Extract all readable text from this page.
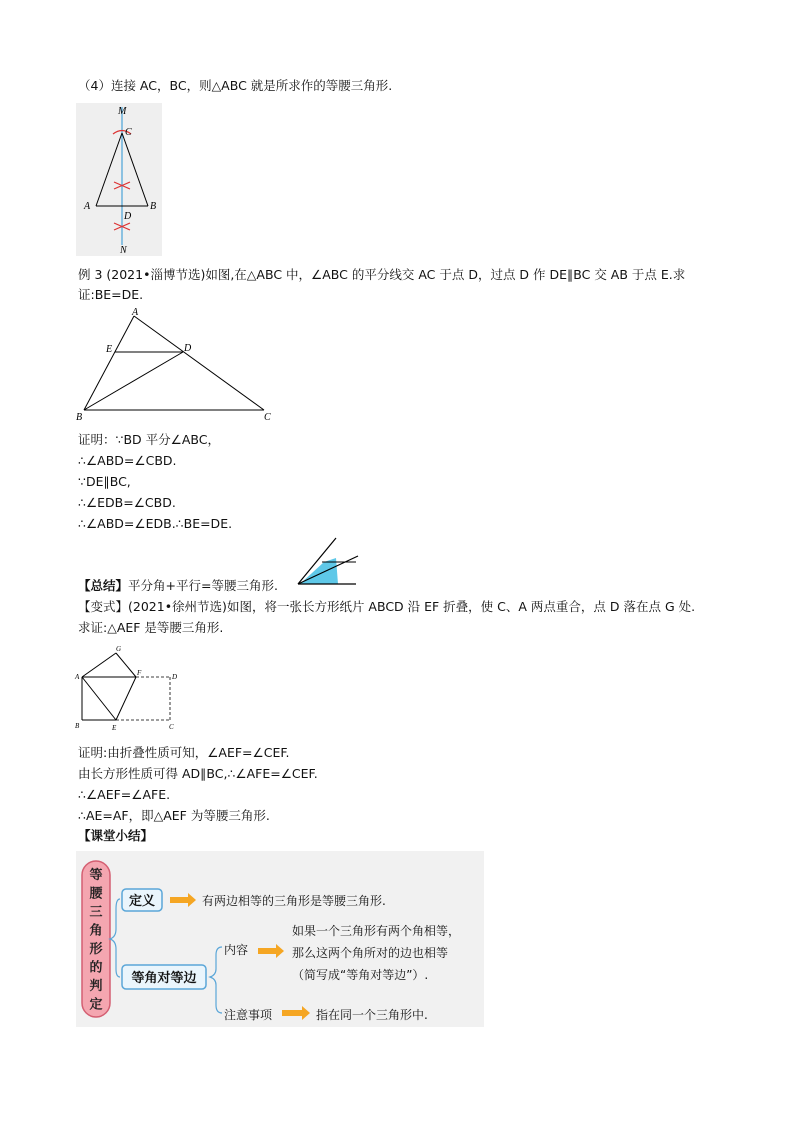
（4）连接 AC，BC，则△ABC 就是所求作的等腰三角形.
M
C
A	B
D
N
例 3 (2021•淄博节选)如图,在△ABC 中，∠ABC 的平分线交 AC 于点 D，过点 D 作 DE∥BC 交 AB 于点 E.求
证:BE=DE.
A
E	D
B	C
证明：∵BD 平分∠ABC，
∴∠ABD=∠CBD.
∵DE∥BC,
∴∠EDB=∠CBD.
∴∠ABD=∠EDB.∴BE=DE.
【总结】平分角+平行=等腰三角形.
【变式】(2021•徐州节选)如图，将一张长方形纸片 ABCD 沿 EF 折叠，使 C、A 两点重合，点 D 落在点 G 处.
求证:△AEF 是等腰三角形.
G
A	F	D
B	E	C
证明:由折叠性质可知，∠AEF=∠CEF.
由长方形性质可得 AD∥BC,∴∠AFE=∠CEF.
∴∠AEF=∠AFE.
∴AE=AF，即△AEF 为等腰三角形.
【课堂小结】
等
腰
三
角
形
的
判
定
定义	有两边相等的三角形是等腰三角形.
等角对等边
内容
如果一个三角形有两个角相等，
那么这两个角所对的边也相等
（简写成“等角对等边”）.
注意事项	指在同一个三角形中.
